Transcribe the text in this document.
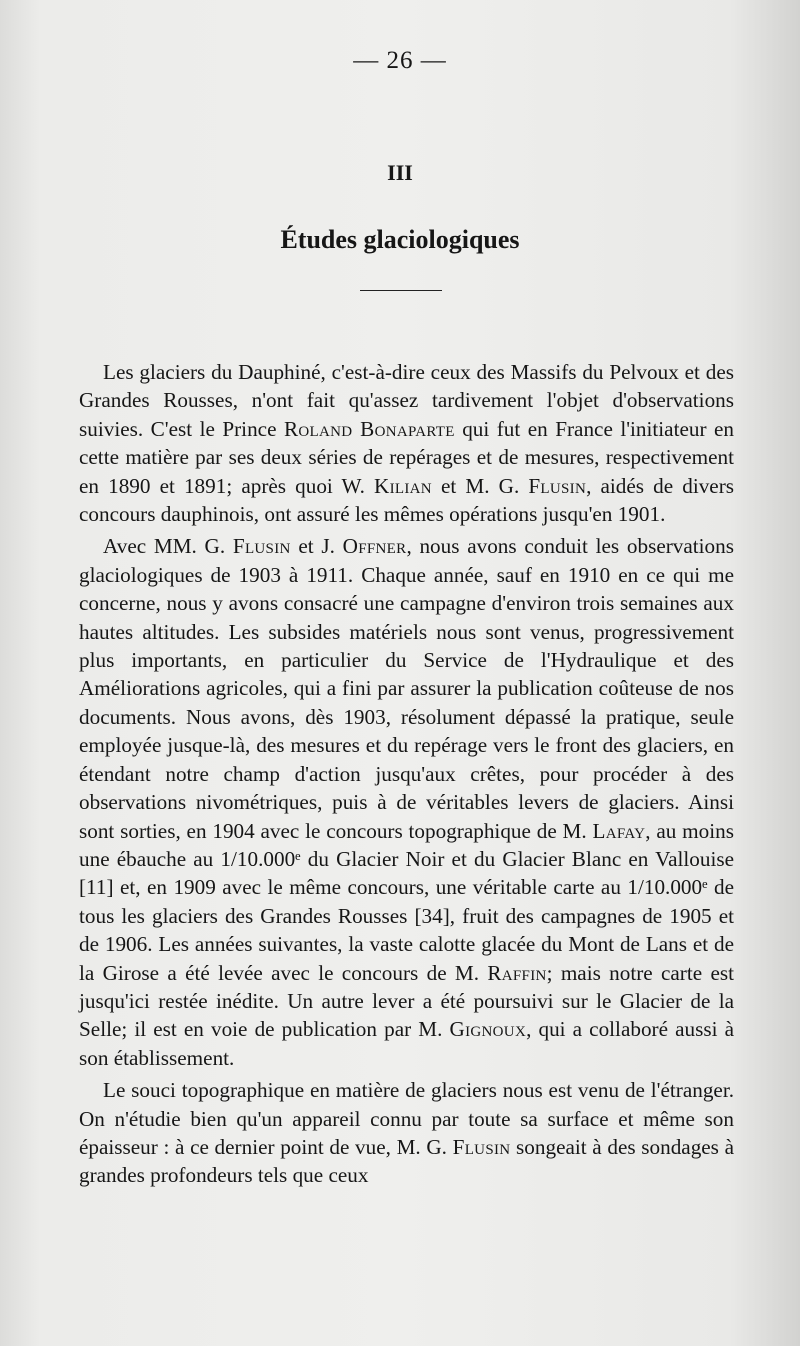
— 26 —
III
Études glaciologiques

Les glaciers du Dauphiné, c'est-à-dire ceux des Massifs du Pelvoux et des Grandes Rousses, n'ont fait qu'assez tardivement l'objet d'observations suivies. C'est le Prince Roland Bonaparte qui fut en France l'initiateur en cette matière par ses deux séries de repérages et de mesures, respectivement en 1890 et 1891; après quoi W. Kilian et M. G. Flusin, aidés de divers concours dauphinois, ont assuré les mêmes opérations jusqu'en 1901.

Avec MM. G. Flusin et J. Offner, nous avons conduit les observations glaciologiques de 1903 à 1911. Chaque année, sauf en 1910 en ce qui me concerne, nous y avons consacré une campagne d'environ trois semaines aux hautes altitudes. Les subsides matériels nous sont venus, progressivement plus importants, en particulier du Service de l'Hydraulique et des Améliorations agricoles, qui a fini par assurer la publication coûteuse de nos documents. Nous avons, dès 1903, résolument dépassé la pratique, seule employée jusque-là, des mesures et du repérage vers le front des glaciers, en étendant notre champ d'action jusqu'aux crêtes, pour procéder à des observations nivométriques, puis à de véritables levers de glaciers. Ainsi sont sorties, en 1904 avec le concours topographique de M. Lafay, au moins une ébauche au 1/10.000ᵉ du Glacier Noir et du Glacier Blanc en Vallouise [11] et, en 1909 avec le même concours, une véritable carte au 1/10.000ᵉ de tous les glaciers des Grandes Rousses [34], fruit des campagnes de 1905 et de 1906. Les années suivantes, la vaste calotte glacée du Mont de Lans et de la Girose a été levée avec le concours de M. Raffin; mais notre carte est jusqu'ici restée inédite. Un autre lever a été poursuivi sur le Glacier de la Selle; il est en voie de publication par M. Gignoux, qui a collaboré aussi à son établissement.

Le souci topographique en matière de glaciers nous est venu de l'étranger. On n'étudie bien qu'un appareil connu par toute sa surface et même son épaisseur : à ce dernier point de vue, M. G. Flusin songeait à des sondages à grandes profondeurs tels que ceux
